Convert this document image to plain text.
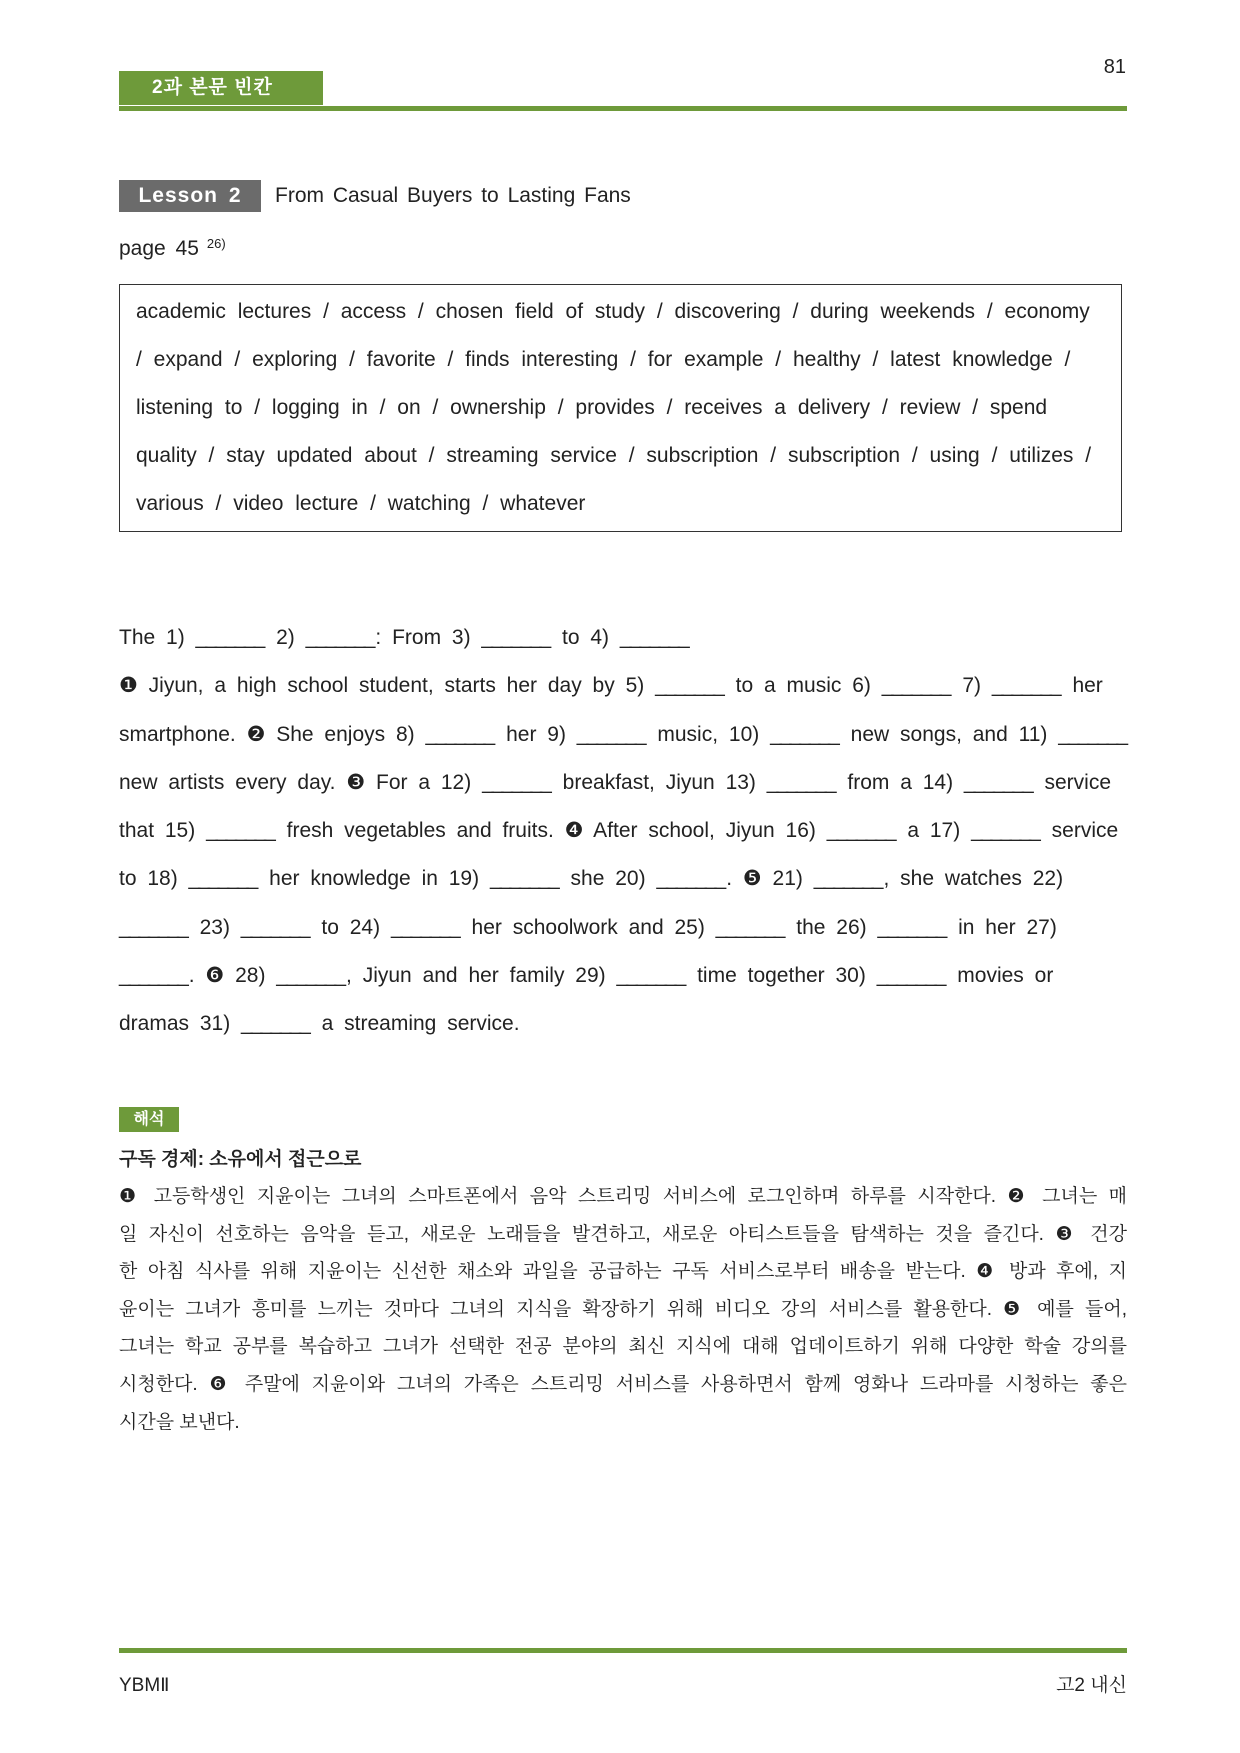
81
2과 본문 빈칸
Lesson 2	From Casual Buyers to Lasting Fans
page 45 $^{26)}$
academic lectures / access / chosen field of study / discovering / during weekends / economy
/ expand / exploring / favorite / finds interesting / for example / healthy / latest knowledge /
listening to / logging in / on / ownership / provides / receives a delivery / review / spend
quality / stay updated about / streaming service / subscription / subscription / using / utilizes /
various / video lecture / watching / whatever
The 1) _______ 2) _______: From 3) _______ to 4) _______
❶ Jiyun, a high school student, starts her day by 5) _______ to a music 6) _______ 7) _______ her
smartphone. ❷ She enjoys 8) _______ her 9) _______ music, 10) _______ new songs, and 11) _______
new artists every day. ❸ For a 12) _______ breakfast, Jiyun 13) _______ from a 14) _______ service
that 15) _______ fresh vegetables and fruits. ❹ After school, Jiyun 16) _______ a 17) _______ service
to 18) _______ her knowledge in 19) _______ she 20) _______. ❺ 21) _______, she watches 22)
_______ 23) _______ to 24) _______ her schoolwork and 25) _______ the 26) _______ in her 27)
_______. ❻ 28) _______, Jiyun and her family 29) _______ time together 30) _______ movies or
dramas 31) _______ a streaming service.
해석
구독 경제: 소유에서 접근으로
❶ 고등학생인 지윤이는 그녀의 스마트폰에서 음악 스트리밍 서비스에 로그인하며 하루를 시작한다. ❷ 그녀는 매
일 자신이 선호하는 음악을 듣고, 새로운 노래들을 발견하고, 새로운 아티스트들을 탐색하는 것을 즐긴다. ❸ 건강
한 아침 식사를 위해 지윤이는 신선한 채소와 과일을 공급하는 구독 서비스로부터 배송을 받는다. ❹ 방과 후에, 지
윤이는 그녀가 흥미를 느끼는 것마다 그녀의 지식을 확장하기 위해 비디오 강의 서비스를 활용한다. ❺ 예를 들어,
그녀는 학교 공부를 복습하고 그녀가 선택한 전공 분야의 최신 지식에 대해 업데이트하기 위해 다양한 학술 강의를
시청한다. ❻ 주말에 지윤이와 그녀의 가족은 스트리밍 서비스를 사용하면서 함께 영화나 드라마를 시청하는 좋은
시간을 보낸다.
YBMⅡ	고2 내신
